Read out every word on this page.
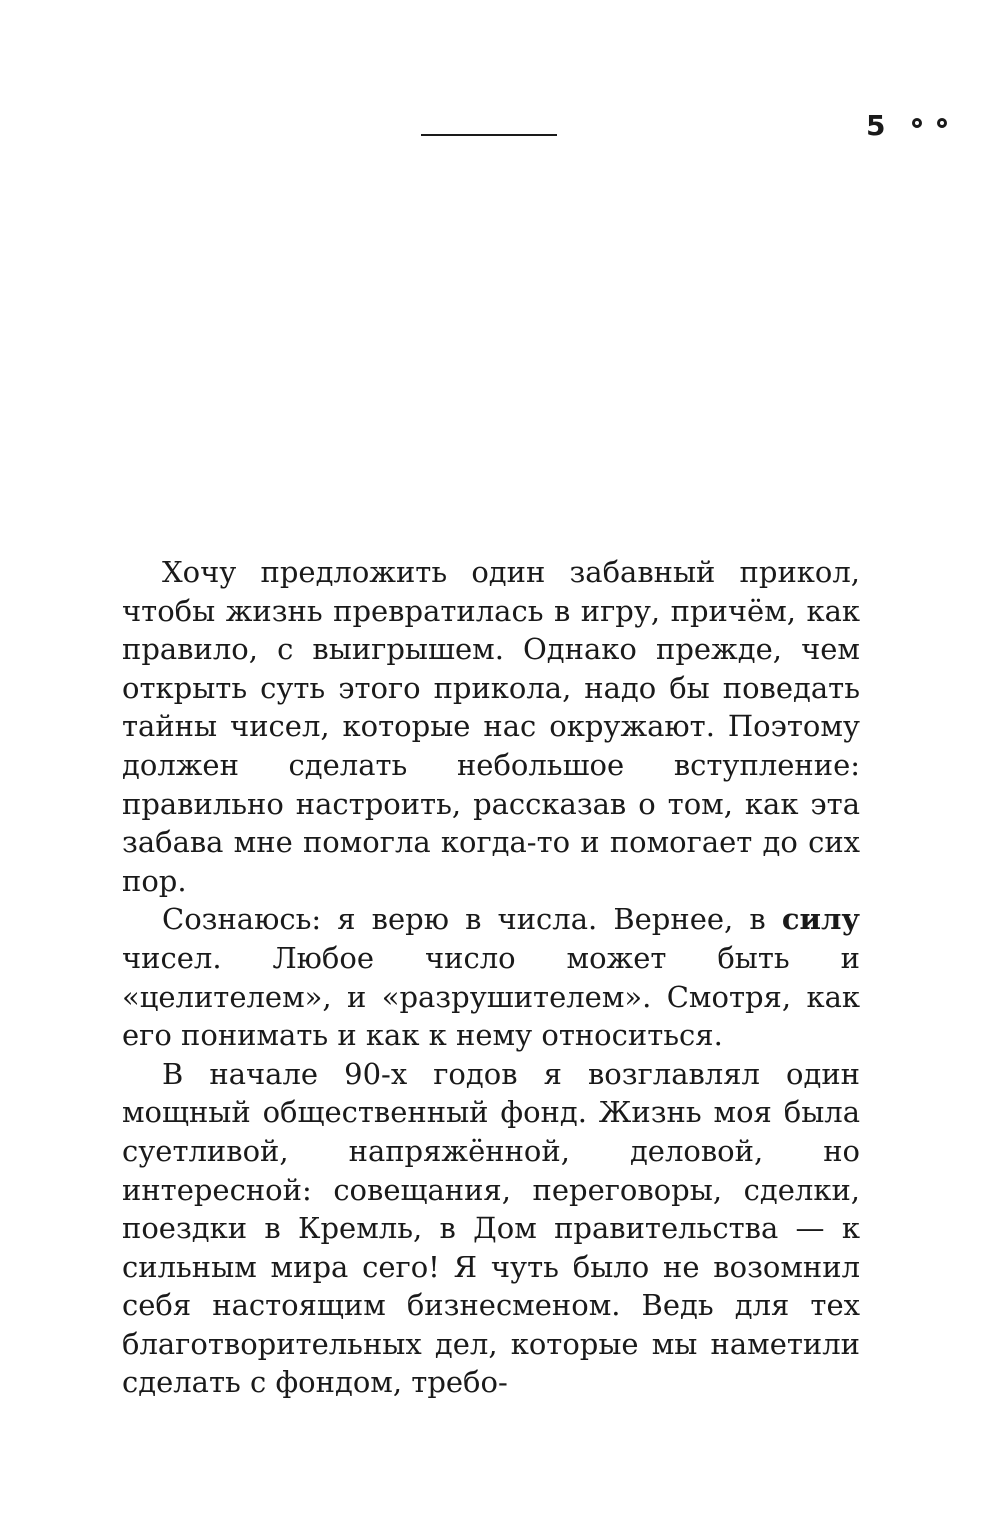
5

Хочу предложить один забавный прикол, чтобы жизнь превратилась в игру, причём, как правило, с выигрышем. Однако прежде, чем открыть суть этого прикола, надо бы поведать тайны чисел, которые нас окружают. Поэтому должен сделать небольшое вступление: правильно настроить, рассказав о том, как эта забава мне помогла когда-то и помогает до сих пор.

Сознаюсь: я верю в числа. Вернее, в силу чисел. Любое число может быть и «целителем», и «разрушителем». Смотря, как его понимать и как к нему относиться.

В начале 90-х годов я возглавлял один мощный общественный фонд. Жизнь моя была суетливой, напряжённой, деловой, но интересной: совещания, переговоры, сделки, поездки в Кремль, в Дом правительства — к сильным мира сего! Я чуть было не возомнил себя настоящим бизнесменом. Ведь для тех благотворительных дел, которые мы наметили сделать с фондом, требо-
